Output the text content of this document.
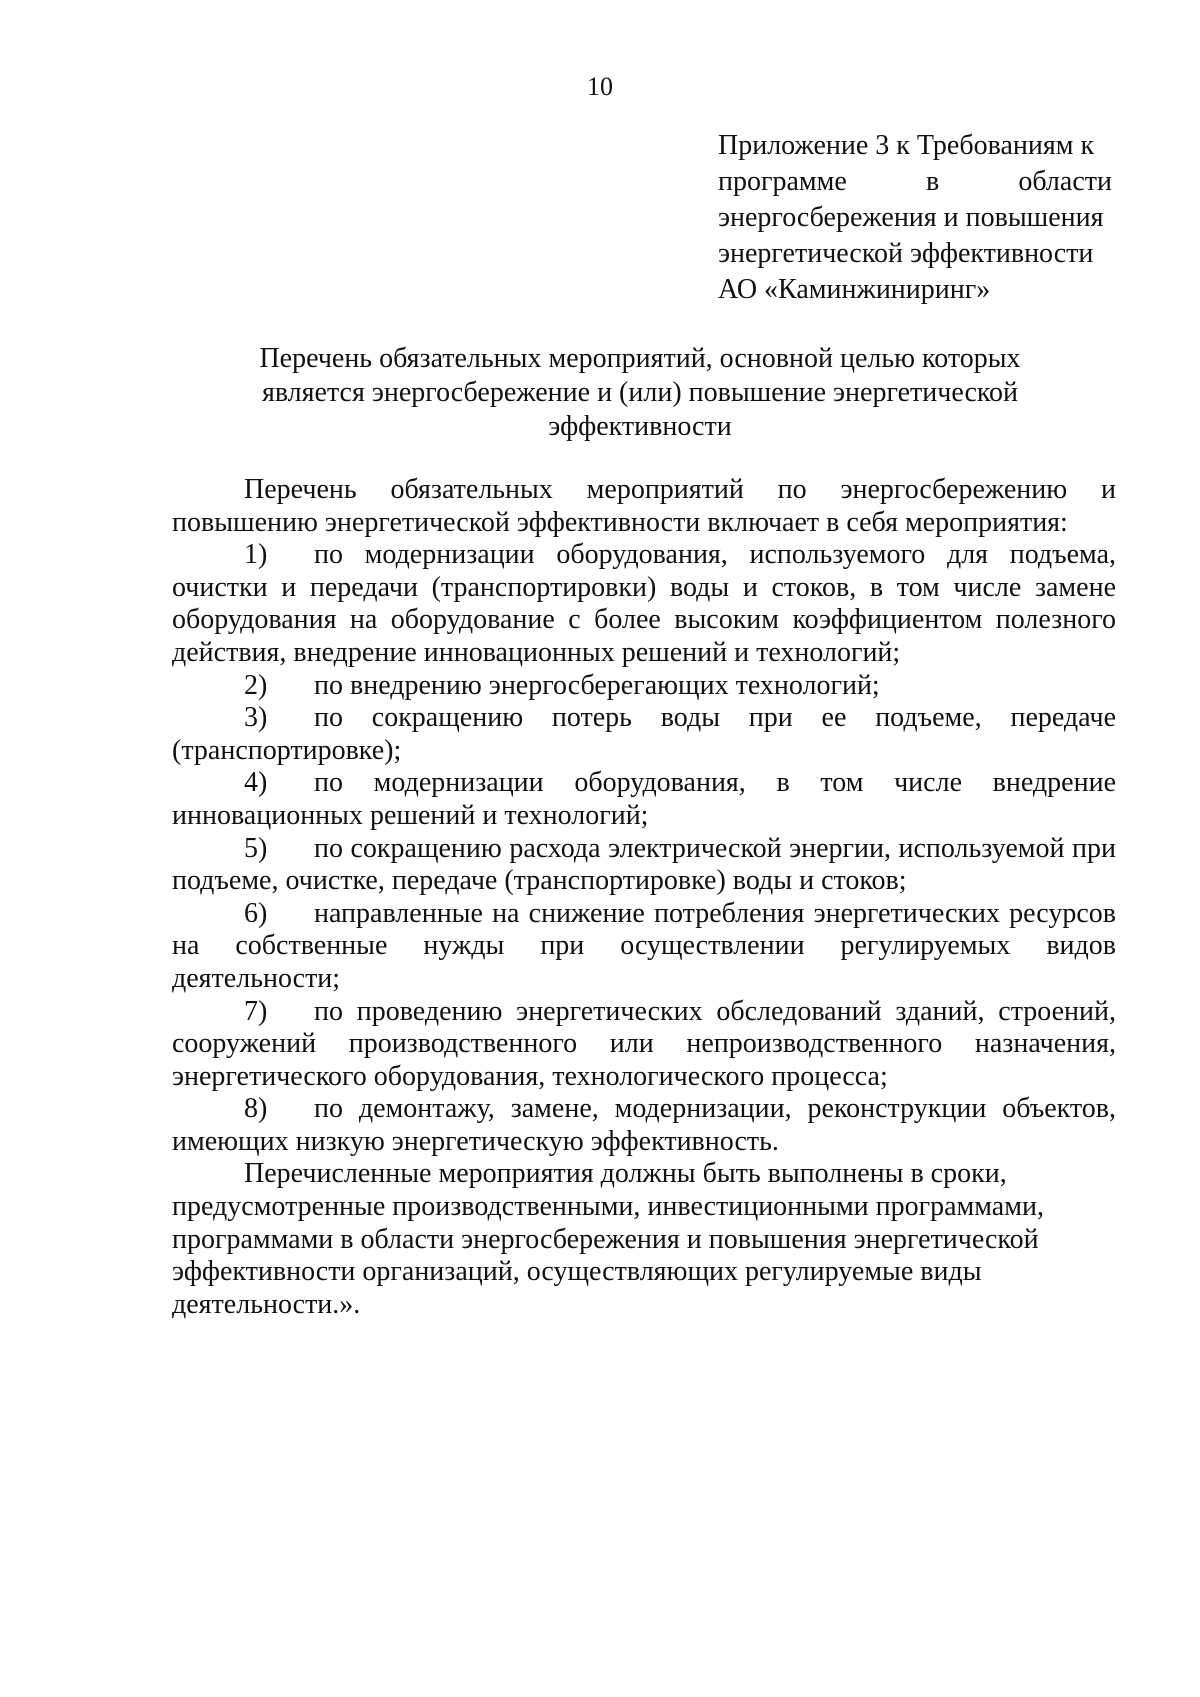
10
Приложение 3 к Требованиям к
программе	в	области
энергосбережения и повышения
энергетической эффективности
АО «Каминжиниринг»
Перечень обязательных мероприятий, основной целью которых
является энергосбережение и (или) повышение энергетической
эффективности

Перечень обязательных мероприятий по энергосбережению и повышению энергетической эффективности включает в себя мероприятия:

1) по модернизации оборудования, используемого для подъема, очистки и передачи (транспортировки) воды и стоков, в том числе замене оборудования на оборудование с более высоким коэффициентом полезного действия, внедрение инновационных решений и технологий;

2) по внедрению энергосберегающих технологий;

3) по сокращению потерь воды при ее подъеме, передаче (транспортировке);

4) по модернизации оборудования, в том числе внедрение инновационных решений и технологий;

5) по сокращению расхода электрической энергии, используемой при подъеме, очистке, передаче (транспортировке) воды и стоков;

6) направленные на снижение потребления энергетических ресурсов на собственные нужды при осуществлении регулируемых видов деятельности;

7) по проведению энергетических обследований зданий, строений, сооружений производственного или непроизводственного назначения, энергетического оборудования, технологического процесса;

8) по демонтажу, замене, модернизации, реконструкции объектов, имеющих низкую энергетическую эффективность.

Перечисленные мероприятия должны быть выполнены в сроки,
предусмотренные производственными, инвестиционными программами,
программами в области энергосбережения и повышения энергетической
эффективности организаций, осуществляющих регулируемые виды
деятельности.».
